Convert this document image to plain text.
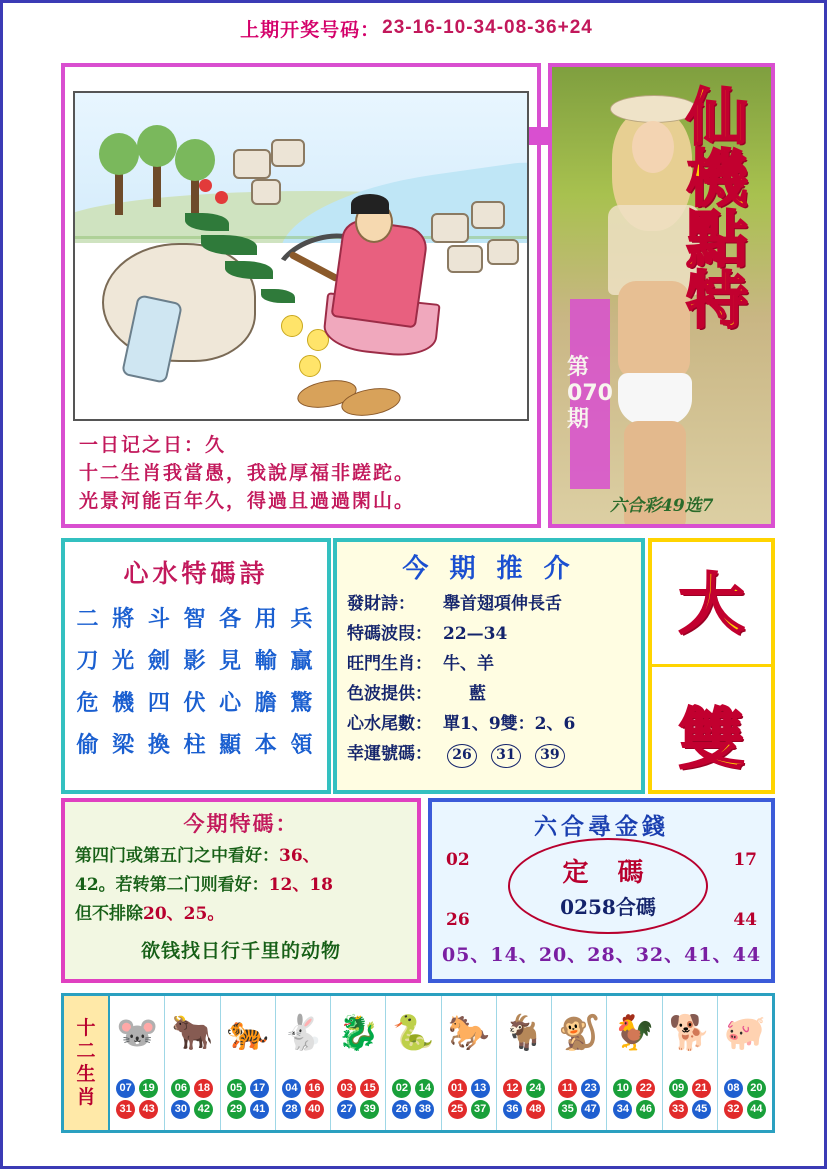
上期开奖号码： 23-16-10-34-08-36+24
一日记之日：久
十二生肖我當愚，我說厚福非蹉跎。
光景河能百年久，得過且過過閑山。
第070期
仙
機
點
特
六合彩49选7
心水特碼詩
二 將 斗 智 各 用 兵
刀 光 劍 影 見 輸 贏
危 機 四 伏 心 膽 驚
偷 梁 換 柱 顯 本 領
今 期 推 介
發財詩：	舉首翅項伸長舌
特碼波叚： 22—34
旺門生肖： 牛、羊
色波提供：	藍
心水尾數： 單1、9雙：2、6
幸運號碼：	26 31 39
大
雙
今期特碼：

第四门或第五门之中看好：36、

42。若转第二门则看好：12、18

但不排除20、25。

欲钱找日行千里的动物

六合尋金錢
02	17
26	44
定 碼
0258合碼
05、14、20、28、32、41、44
十
二
生
肖
🐭
07 19
31 43
🐂
06 18
30 42
🐅
05 17
29 41
🐇
04 16
28 40
🐉
03 15
27 39
🐍
02 14
26 38
🐎
01 13
25 37
🐐
12 24
36 48
🐒
11	23
35 47
🐓
10 22
34 46
🐕
09 21
33 45
🐖
08 20
32 44
